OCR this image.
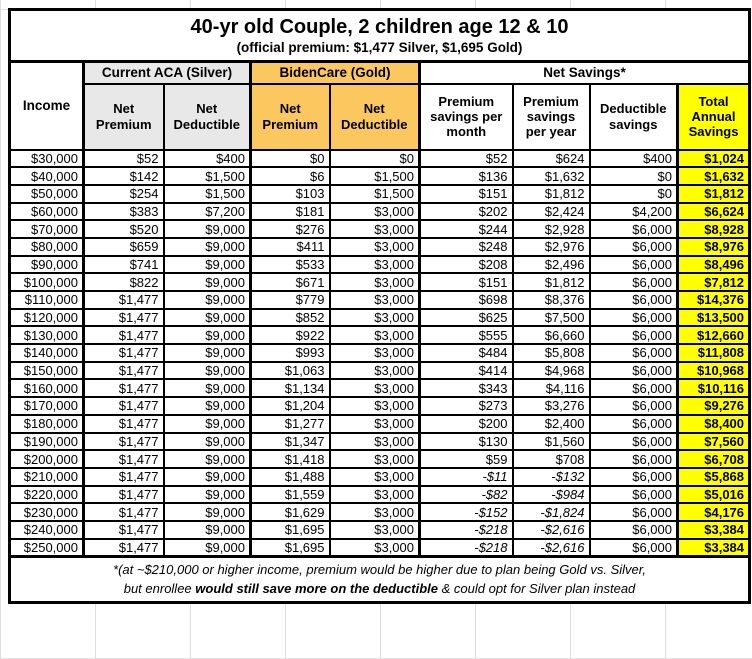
40-yr old Couple, 2 children age 12 & 10
(official premium: $1,477 Silver, $1,695 Gold)								

Income	Current ACA (Silver)		BidenCare (Gold)		Net Savings*			
	Net Premium	Net Deductible	Net Premium	Net Deductible	Premium savings per month	Premium savings per year	Deductible savings	Total Annual Savings
$30,000	$52	$400	$0	$0	$52	$624	$400	$1,024
$40,000	$142	$1,500	$6	$1,500	$136	$1,632	$0	$1,632
$50,000	$254	$1,500	$103	$1,500	$151	$1,812	$0	$1,812
$60,000	$383	$7,200	$181	$3,000	$202	$2,424	$4,200	$6,624
$70,000	$520	$9,000	$276	$3,000	$244	$2,928	$6,000	$8,928
$80,000	$659	$9,000	$411	$3,000	$248	$2,976	$6,000	$8,976
$90,000	$741	$9,000	$533	$3,000	$208	$2,496	$6,000	$8,496
$100,000	$822	$9,000	$671	$3,000	$151	$1,812	$6,000	$7,812
$110,000	$1,477	$9,000	$779	$3,000	$698	$8,376	$6,000	$14,376
$120,000	$1,477	$9,000	$852	$3,000	$625	$7,500	$6,000	$13,500
$130,000	$1,477	$9,000	$922	$3,000	$555	$6,660	$6,000	$12,660
$140,000	$1,477	$9,000	$993	$3,000	$484	$5,808	$6,000	$11,808
$150,000	$1,477	$9,000	$1,063	$3,000	$414	$4,968	$6,000	$10,968
$160,000	$1,477	$9,000	$1,134	$3,000	$343	$4,116	$6,000	$10,116
$170,000	$1,477	$9,000	$1,204	$3,000	$273	$3,276	$6,000	$9,276
$180,000	$1,477	$9,000	$1,277	$3,000	$200	$2,400	$6,000	$8,400
$190,000	$1,477	$9,000	$1,347	$3,000	$130	$1,560	$6,000	$7,560
$200,000	$1,477	$9,000	$1,418	$3,000	$59	$708	$6,000	$6,708
$210,000	$1,477	$9,000	$1,488	$3,000	-$11	-$132	$6,000	$5,868
$220,000	$1,477	$9,000	$1,559	$3,000	-$82	-$984	$6,000	$5,016
$230,000	$1,477	$9,000	$1,629	$3,000	-$152	-$1,824	$6,000	$4,176
$240,000	$1,477	$9,000	$1,695	$3,000	-$218	-$2,616	$6,000	$3,384
$250,000	$1,477	$9,000	$1,695	$3,000	-$218	-$2,616	$6,000	$3,384

*(at ~$210,000 or higher income, premium would be higher due to plan being Gold vs. Silver,
but enrollee would still save more on the deductible & could opt for Silver plan instead								
